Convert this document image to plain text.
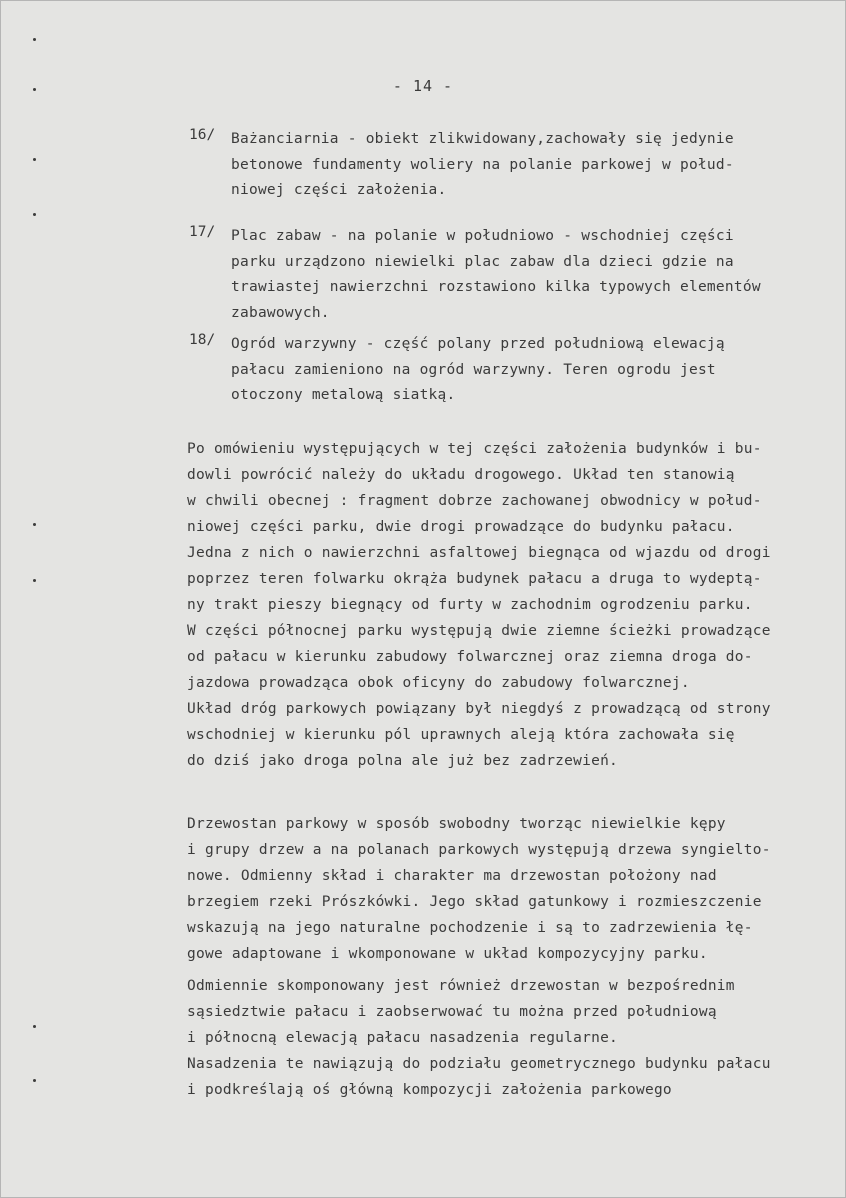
- 14 -
16/	Bażanciarnia - obiekt zlikwidowany,zachowały się jedynie
betonowe fundamenty woliery na polanie parkowej w połud-
niowej części założenia.
17/	Plac zabaw - na polanie w południowo - wschodniej części
parku urządzono niewielki plac zabaw dla dzieci gdzie na
trawiastej nawierzchni rozstawiono kilka typowych elementów
zabawowych.
18/	Ogród warzywny - część polany przed południową elewacją
pałacu zamieniono na ogród warzywny. Teren ogrodu jest
otoczony metalową siatką.
Po omówieniu występujących w tej części założenia budynków i bu-
dowli powrócić należy do układu drogowego. Układ ten stanowią
w chwili obecnej : fragment dobrze zachowanej obwodnicy w połud-
niowej części parku, dwie drogi prowadzące do budynku pałacu.
Jedna z nich o nawierzchni asfaltowej biegnąca od wjazdu od drogi
poprzez teren folwarku okrąża budynek pałacu a druga to wydeptą-
ny trakt pieszy biegnący od furty w zachodnim ogrodzeniu parku.
W części północnej parku występują dwie ziemne ścieżki prowadzące
od pałacu w kierunku zabudowy folwarcznej oraz ziemna droga do-
jazdowa prowadząca obok oficyny do zabudowy folwarcznej.
Układ dróg parkowych powiązany był niegdyś z prowadzącą od strony
wschodniej w kierunku pól uprawnych aleją która zachowała się
do dziś jako droga polna ale już bez zadrzewień.
Drzewostan parkowy w sposób swobodny tworząc niewielkie kępy
i grupy drzew a na polanach parkowych występują drzewa syngielto-
nowe. Odmienny skład i charakter ma drzewostan położony nad
brzegiem rzeki Prószkówki. Jego skład gatunkowy i rozmieszczenie
wskazują na jego naturalne pochodzenie i są to zadrzewienia łę-
gowe adaptowane i wkomponowane w układ kompozycyjny parku.
Odmiennie skomponowany jest również drzewostan w bezpośrednim
sąsiedztwie pałacu i zaobserwować tu można przed południową
i północną elewacją pałacu nasadzenia regularne.
Nasadzenia te nawiązują do podziału geometrycznego budynku pałacu
i podkreślają oś główną kompozycji założenia parkowego
